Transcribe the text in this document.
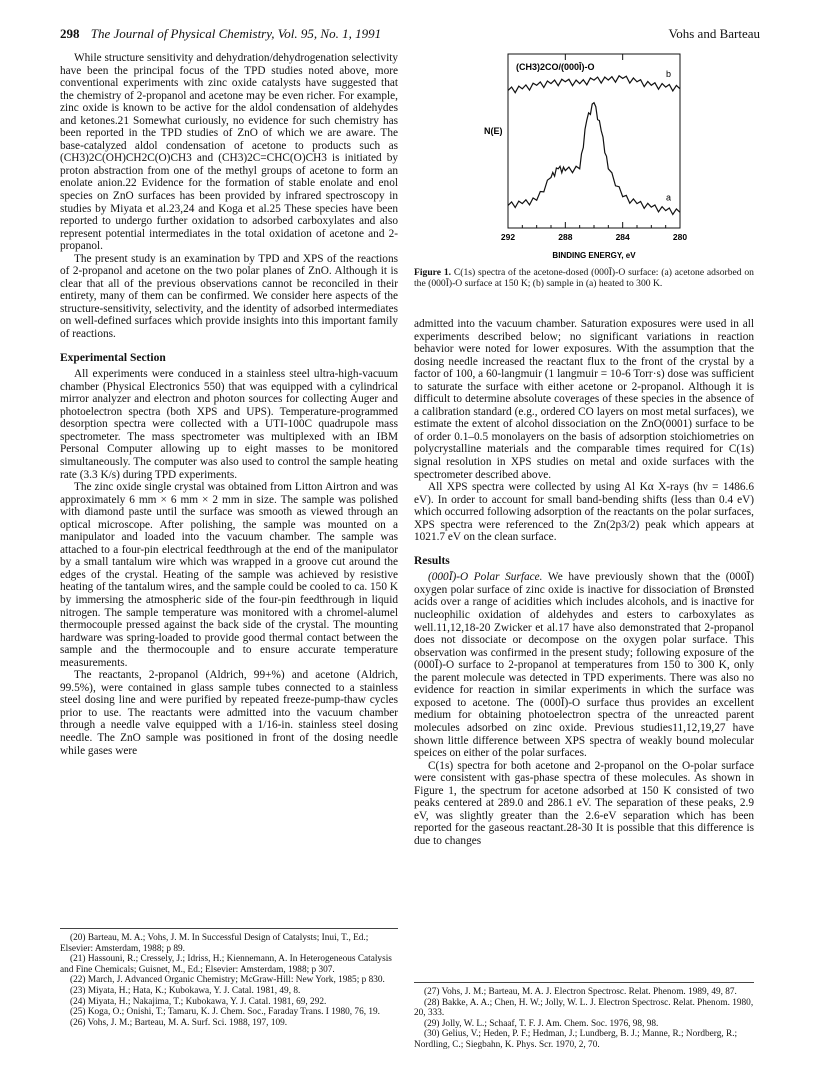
298 The Journal of Physical Chemistry, Vol. 95, No. 1, 1991	Vohs and Barteau

While structure sensitivity and dehydration/dehydrogenation selectivity have been the principal focus of the TPD studies noted above, more conventional experiments with zinc oxide catalysts have suggested that the chemistry of 2-propanol and acetone may be even richer. For example, zinc oxide is known to be active for the aldol condensation of aldehydes and ketones.21 Somewhat curiously, no evidence for such chemistry has been reported in the TPD studies of ZnO of which we are aware. The base-catalyzed aldol condensation of acetone to products such as (CH3)2C(OH)CH2C(O)CH3 and (CH3)2C=CHC(O)CH3 is initiated by proton abstraction from one of the methyl groups of acetone to form an enolate anion.22 Evidence for the formation of stable enolate and enol species on ZnO surfaces has been provided by infrared spectroscopy in studies by Miyata et al.23,24 and Koga et al.25 These species have been reported to undergo further oxidation to adsorbed carboxylates and also represent potential intermediates in the total oxidation of acetone and 2-propanol.

The present study is an examination by TPD and XPS of the reactions of 2-propanol and acetone on the two polar planes of ZnO. Although it is clear that all of the previous observations cannot be reconciled in their entirety, many of them can be confirmed. We consider here aspects of the structure-sensitivity, selectivity, and the identity of adsorbed intermediates on well-defined surfaces which provide insights into this important family of reactions.

Experimental Section

All experiments were conduced in a stainless steel ultra-high-vacuum chamber (Physical Electronics 550) that was equipped with a cylindrical mirror analyzer and electron and photon sources for collecting Auger and photoelectron spectra (both XPS and UPS). Temperature-programmed desorption spectra were collected with a UTI-100C quadrupole mass spectrometer. The mass spectrometer was multiplexed with an IBM Personal Computer allowing up to eight masses to be monitored simultaneously. The computer was also used to control the sample heating rate (3.3 K/s) during TPD experiments.

The zinc oxide single crystal was obtained from Litton Airtron and was approximately 6 mm × 6 mm × 2 mm in size. The sample was polished with diamond paste until the surface was smooth as viewed through an optical microscope. After polishing, the sample was mounted on a manipulator and loaded into the vacuum chamber. The sample was attached to a four-pin electrical feedthrough at the end of the manipulator by a small tantalum wire which was wrapped in a groove cut around the edges of the crystal. Heating of the sample was achieved by resistive heating of the tantalum wires, and the sample could be cooled to ca. 150 K by immersing the atmospheric side of the four-pin feedthrough in liquid nitrogen. The sample temperature was monitored with a chromel-alumel thermocouple pressed against the back side of the crystal. The mounting hardware was spring-loaded to provide good thermal contact between the sample and the thermocouple and to ensure accurate temperature measurements.

The reactants, 2-propanol (Aldrich, 99+%) and acetone (Aldrich, 99.5%), were contained in glass sample tubes connected to a stainless steel dosing line and were purified by repeated freeze-pump-thaw cycles prior to use. The reactants were admitted into the vacuum chamber through a needle valve equipped with a 1/16-in. stainless steel dosing needle. The ZnO sample was positioned in front of the dosing needle while gases were

(CH3)2CO/(000Ī)-O
N(E)
BINDING ENERGY, eV
b
a
292	288	284	280
Figure 1. C(1s) spectra of the acetone-dosed (000Ī)-O surface: (a) acetone adsorbed on the (000Ī)-O surface at 150 K; (b) sample in (a) heated to 300 K.

admitted into the vacuum chamber. Saturation exposures were used in all experiments described below; no significant variations in reaction behavior were noted for lower exposures. With the assumption that the dosing needle increased the reactant flux to the front of the crystal by a factor of 100, a 60-langmuir (1 langmuir = 10-6 Torr·s) dose was sufficient to saturate the surface with either acetone or 2-propanol. Although it is difficult to determine absolute coverages of these species in the absence of a calibration standard (e.g., ordered CO layers on most metal surfaces), we estimate the extent of alcohol dissociation on the ZnO(0001) surface to be of order 0.1–0.5 monolayers on the basis of adsorption stoichiometries on polycrystalline materials and the comparable times required for C(1s) signal resolution in XPS studies on metal and oxide surfaces with the spectrometer described above.

All XPS spectra were collected by using Al Kα X-rays (hν = 1486.6 eV). In order to account for small band-bending shifts (less than 0.4 eV) which occurred following adsorption of the reactants on the polar surfaces, XPS spectra were referenced to the Zn(2p3/2) peak which appears at 1021.7 eV on the clean surface.

Results

(000Ī)-O Polar Surface. We have previously shown that the (000Ī) oxygen polar surface of zinc oxide is inactive for dissociation of Brønsted acids over a range of acidities which includes alcohols, and is inactive for nucleophilic oxidation of aldehydes and esters to carboxylates as well.11,12,18-20 Zwicker et al.17 have also demonstrated that 2-propanol does not dissociate or decompose on the oxygen polar surface. This observation was confirmed in the present study; following exposure of the (000Ī)-O surface to 2-propanol at temperatures from 150 to 300 K, only the parent molecule was detected in TPD experiments. There was also no evidence for reaction in similar experiments in which the surface was exposed to acetone. The (000Ī)-O surface thus provides an excellent medium for obtaining photoelectron spectra of the unreacted parent molecules adsorbed on zinc oxide. Previous studies11,12,19,27 have shown little difference between XPS spectra of weakly bound molecular speices on either of the polar surfaces.

C(1s) spectra for both acetone and 2-propanol on the O-polar surface were consistent with gas-phase spectra of these molecules. As shown in Figure 1, the spectrum for acetone adsorbed at 150 K consisted of two peaks centered at 289.0 and 286.1 eV. The separation of these peaks, 2.9 eV, was slightly greater than the 2.6-eV separation which has been reported for the gaseous reactant.28-30 It is possible that this difference is due to changes

(20) Barteau, M. A.; Vohs, J. M. In Successful Design of Catalysts; Inui, T., Ed.; Elsevier: Amsterdam, 1988; p 89.
(21) Hassouni, R.; Cressely, J.; Idriss, H.; Kiennemann, A. In Heterogeneous Catalysis and Fine Chemicals; Guisnet, M., Ed.; Elsevier: Amsterdam, 1988; p 307.
(22) March, J. Advanced Organic Chemistry; McGraw-Hill: New York, 1985; p 830.
(23) Miyata, H.; Hata, K.; Kubokawa, Y. J. Catal. 1981, 49, 8.
(24) Miyata, H.; Nakajima, T.; Kubokawa, Y. J. Catal. 1981, 69, 292.
(25) Koga, O.; Onishi, T.; Tamaru, K. J. Chem. Soc., Faraday Trans. I 1980, 76, 19.
(26) Vohs, J. M.; Barteau, M. A. Surf. Sci. 1988, 197, 109.
(27) Vohs, J. M.; Barteau, M. A. J. Electron Spectrosc. Relat. Phenom. 1989, 49, 87.
(28) Bakke, A. A.; Chen, H. W.; Jolly, W. L. J. Electron Spectrosc. Relat. Phenom. 1980, 20, 333.
(29) Jolly, W. L.; Schaaf, T. F. J. Am. Chem. Soc. 1976, 98, 98.
(30) Gelius, V.; Heden, P. F.; Hedman, J.; Lundberg, B. J.; Manne, R.; Nordberg, R.; Nordling, C.; Siegbahn, K. Phys. Scr. 1970, 2, 70.
